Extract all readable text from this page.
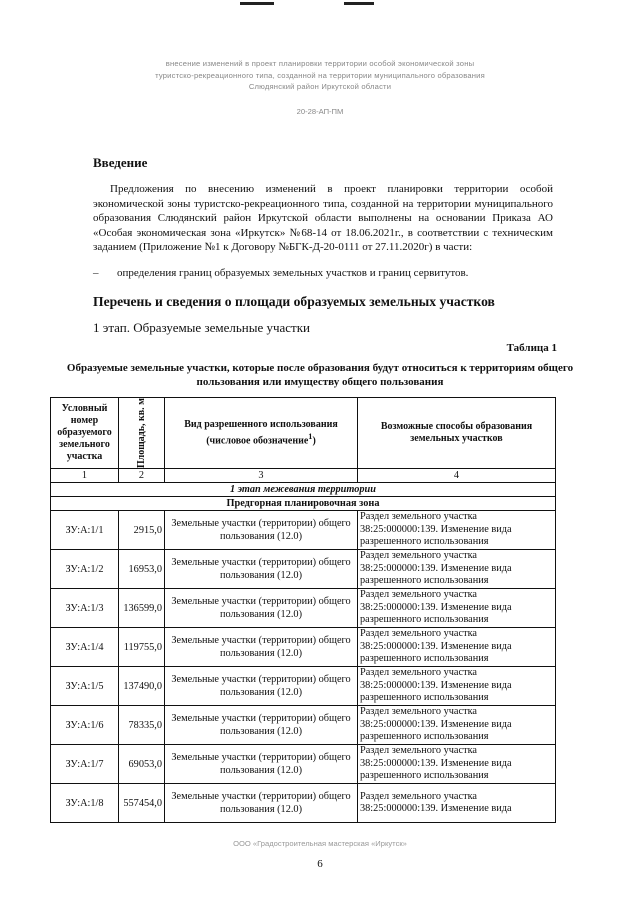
внесение изменений в проект планировки территории особой экономической зоны
туристско-рекреационного типа, созданной на территории муниципального образования
Слюдянский район Иркутской области
20-28-АП-ПМ
Введение

Предложения по внесению изменений в проект планировки территории особой экономической зоны туристско-рекреационного типа, созданной на территории муниципального образования Слюдянский район Иркутской области выполнены на основании Приказа АО «Особая экономическая зона «Иркутск» №68-14 от 18.06.2021г., в соответствии с техническим заданием (Приложение №1 к Договору №БГК-Д-20-0111 от 27.11.2020г) в части:

– определения границ образуемых земельных участков и границ сервитутов.

Перечень и сведения о площади образуемых земельных участков

1 этап. Образуемые земельные участки

Таблица 1

Образуемые земельные участки, которые после образования будут относиться к территориям общего пользования или имуществу общего пользования

Условный номер образуемого земельного участка	Площадь, кв. м	Вид разрешенного использования (числовое обозначение$^1$)	Возможные способы образования земельных участков
1	2	3	4
1 этап межевания территории			
Предгорная планировочная зона			
ЗУ:А:1/1	2915,0	Земельные участки (территории) общего пользования (12.0)	Раздел земельного участка 38:25:000000:139. Изменение вида разрешенного использования
ЗУ:А:1/2	16953,0	Земельные участки (территории) общего пользования (12.0)	Раздел земельного участка 38:25:000000:139. Изменение вида разрешенного использования
ЗУ:А:1/3	136599,0	Земельные участки (территории) общего пользования (12.0)	Раздел земельного участка 38:25:000000:139. Изменение вида разрешенного использования
ЗУ:А:1/4	119755,0	Земельные участки (территории) общего пользования (12.0)	Раздел земельного участка 38:25:000000:139. Изменение вида разрешенного использования
ЗУ:А:1/5	137490,0	Земельные участки (территории) общего пользования (12.0)	Раздел земельного участка 38:25:000000:139. Изменение вида разрешенного использования
ЗУ:А:1/6	78335,0	Земельные участки (территории) общего пользования (12.0)	Раздел земельного участка 38:25:000000:139. Изменение вида разрешенного использования
ЗУ:А:1/7	69053,0	Земельные участки (территории) общего пользования (12.0)	Раздел земельного участка 38:25:000000:139. Изменение вида разрешенного использования
ЗУ:А:1/8	557454,0	Земельные участки (территории) общего пользования (12.0)	Раздел земельного участка 38:25:000000:139. Изменение вида
ООО «Градостроительная мастерская «Иркутск»
6
